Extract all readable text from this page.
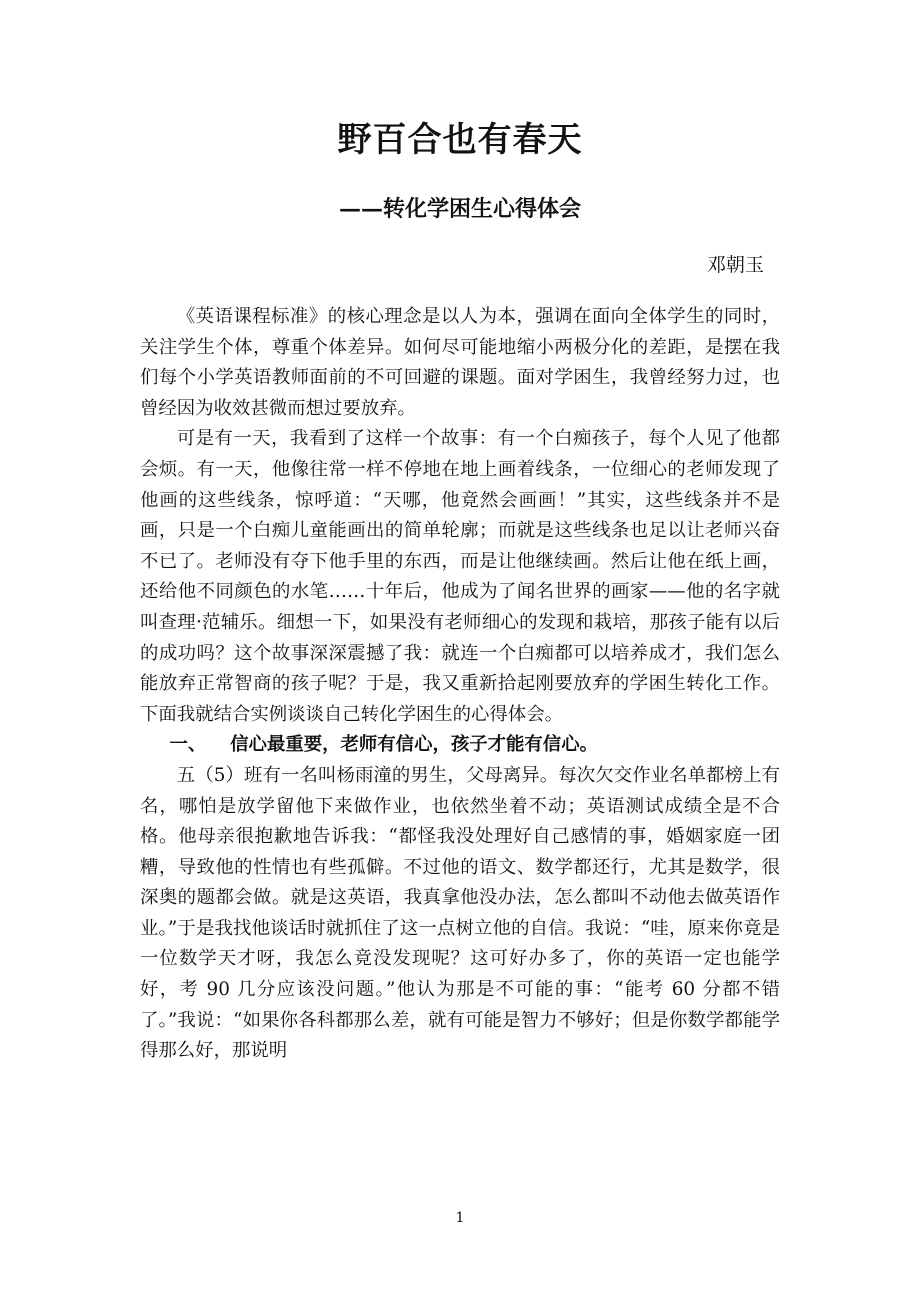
野百合也有春天
——转化学困生心得体会
邓朝玉

《英语课程标准》的核心理念是以人为本，强调在面向全体学生的同时，关注学生个体，尊重个体差异。如何尽可能地缩小两极分化的差距，是摆在我们每个小学英语教师面前的不可回避的课题。面对学困生，我曾经努力过，也曾经因为收效甚微而想过要放弃。

可是有一天，我看到了这样一个故事：有一个白痴孩子，每个人见了他都会烦。有一天，他像往常一样不停地在地上画着线条，一位细心的老师发现了他画的这些线条，惊呼道：“天哪，他竟然会画画！”其实，这些线条并不是画，只是一个白痴儿童能画出的简单轮廓；而就是这些线条也足以让老师兴奋不已了。老师没有夺下他手里的东西，而是让他继续画。然后让他在纸上画，还给他不同颜色的水笔……十年后，他成为了闻名世界的画家——他的名字就叫查理·范辅乐。细想一下，如果没有老师细心的发现和栽培，那孩子能有以后的成功吗？这个故事深深震撼了我：就连一个白痴都可以培养成才，我们怎么能放弃正常智商的孩子呢？于是，我又重新拾起刚要放弃的学困生转化工作。下面我就结合实例谈谈自己转化学困生的心得体会。

一、 信心最重要，老师有信心，孩子才能有信心。

五（5）班有一名叫杨雨潼的男生，父母离异。每次欠交作业名单都榜上有名，哪怕是放学留他下来做作业，也依然坐着不动；英语测试成绩全是不合格。他母亲很抱歉地告诉我：“都怪我没处理好自己感情的事，婚姻家庭一团糟，导致他的性情也有些孤僻。不过他的语文、数学都还行，尤其是数学，很深奥的题都会做。就是这英语，我真拿他没办法，怎么都叫不动他去做英语作业。”于是我找他谈话时就抓住了这一点树立他的自信。我说：“哇，原来你竟是一位数学天才呀，我怎么竟没发现呢？这可好办多了，你的英语一定也能学好，考 90 几分应该没问题。”他认为那是不可能的事：“能考 60 分都不错了。”我说：“如果你各科都那么差，就有可能是智力不够好；但是你数学都能学得那么好，那说明

1
